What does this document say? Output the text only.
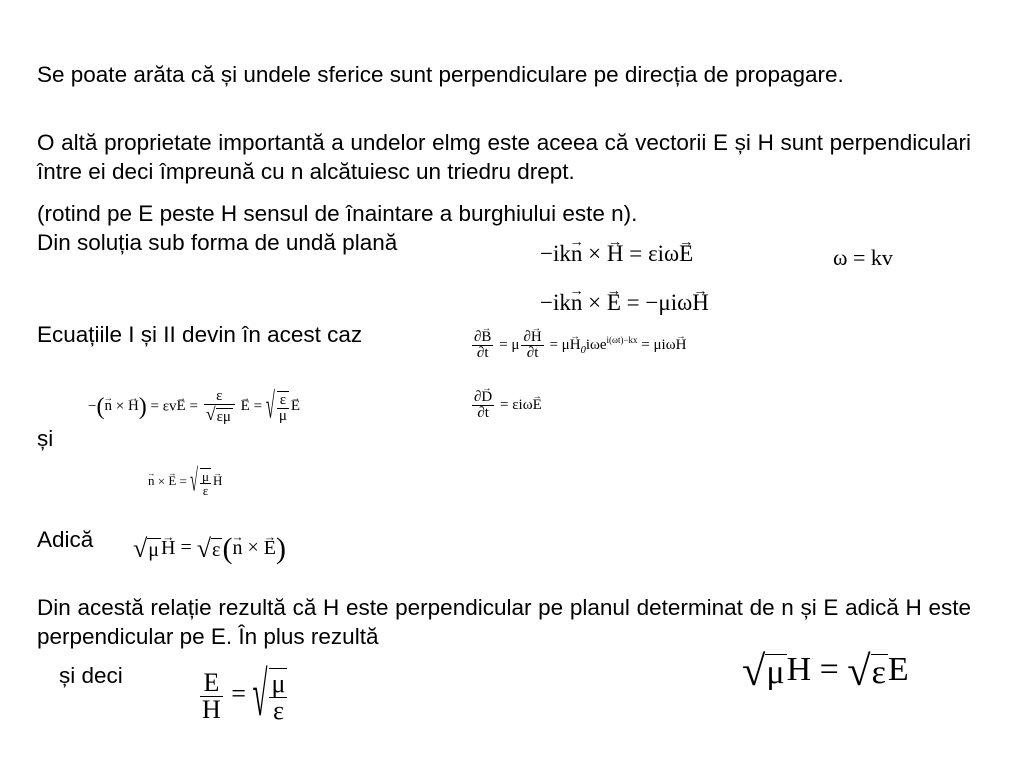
Se poate arăta că și undele sferice sunt perpendiculare pe direcția de propagare.

O altă proprietate importantă a undelor elmg este aceea că vectorii E și H sunt perpendiculari între ei deci împreună cu n alcătuiesc un triedru drept.

(rotind pe E peste H sensul de înaintare a burghiului este n).

Din soluția sub forma de undă plană	−ik→ n × → H = εiω→ E	ω = kv
−ik→ n × → E = −μiω→ H
Ecuațiile I și II devin în acest caz	$\frac{\partial\to B}{\partial t} = \mu \frac{\partial\to H}{\partial t} = \mu\to H_0i\omega e^{i(\omega t)-kx} = \mu i\omega\to H$
$\frac{\partial\to D}{\partial t} = \varepsilon i\omega\to E$
−(→ n × → $H) = \varepsilon v\to E = \frac{\varepsilon}{√\varepsilon\mu}$
→ E = √ $\frac{\varepsilon}{\mu}$
→ E
și
→ n × → E = √ $\frac{\mu}{\varepsilon}$
→ H
Adică √μ→ H = √ε(→ n × → E)

Din acestă relație rezultă că H este perpendicular pe planul determinat de n și E adică H este perpendicular pe E. În plus rezultă

și deci	√μH = √εE
$\frac{E}{H}$ = √ $\frac{\mu}{\varepsilon}$
